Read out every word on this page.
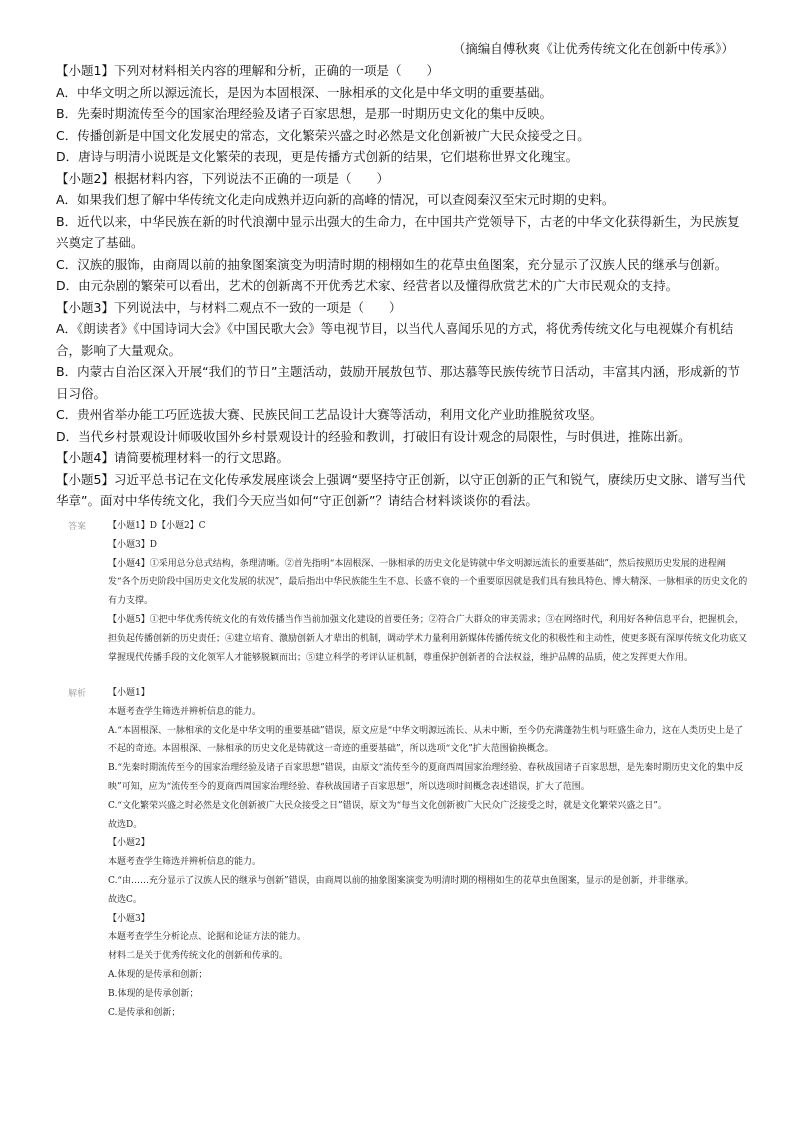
（摘编自傅秋爽《让优秀传统文化在创新中传承》）

【小题1】下列对材料相关内容的理解和分析，正确的一项是（　　）

A．中华文明之所以源远流长，是因为本固根深、一脉相承的文化是中华文明的重要基础。

B．先秦时期流传至今的国家治理经验及诸子百家思想，是那一时期历史文化的集中反映。

C．传播创新是中国文化发展史的常态，文化繁荣兴盛之时必然是文化创新被广大民众接受之日。

D．唐诗与明清小说既是文化繁荣的表现，更是传播方式创新的结果，它们堪称世界文化瑰宝。

【小题2】根据材料内容，下列说法不正确的一项是（　　）

A．如果我们想了解中华传统文化走向成熟并迈向新的高峰的情况，可以查阅秦汉至宋元时期的史料。

B．近代以来，中华民族在新的时代浪潮中显示出强大的生命力，在中国共产党领导下，古老的中华文化获得新生，为民族复兴奠定了基础。

C．汉族的服饰，由商周以前的抽象图案演变为明清时期的栩栩如生的花草虫鱼图案，充分显示了汉族人民的继承与创新。

D．由元杂剧的繁荣可以看出，艺术的创新离不开优秀艺术家、经营者以及懂得欣赏艺术的广大市民观众的支持。

【小题3】下列说法中，与材料二观点不一致的一项是（　　）

A．《朗读者》《中国诗词大会》《中国民歌大会》等电视节目，以当代人喜闻乐见的方式，将优秀传统文化与电视媒介有机结合，影响了大量观众。

B．内蒙古自治区深入开展“我们的节日”主题活动，鼓励开展敖包节、那达慕等民族传统节日活动，丰富其内涵，形成新的节日习俗。

C．贵州省举办能工巧匠选拔大赛、民族民间工艺品设计大赛等活动，利用文化产业助推脱贫攻坚。

D．当代乡村景观设计师吸收国外乡村景观设计的经验和教训，打破旧有设计观念的局限性，与时俱进，推陈出新。

【小题4】请简要梳理材料一的行文思路。

【小题5】习近平总书记在文化传承发展座谈会上强调“要坚持守正创新，以守正创新的正气和锐气，赓续历史文脉、谱写当代华章”。面对中华传统文化，我们今天应当如何“守正创新”？请结合材料谈谈你的看法。

答案 【小题1】D【小题2】C

【小题3】D

【小题4】①采用总分总式结构，条理清晰。②首先指明“本固根深、一脉相承的历史文化是铸就中华文明源远流长的重要基础”，然后按照历史发展的进程阐发“各个历史阶段中国历史文化发展的状况”，最后指出中华民族能生生不息、长盛不衰的一个重要原因就是我们具有独具特色、博大精深、一脉相承的历史文化的有力支撑。

【小题5】①把中华优秀传统文化的有效传播当作当前加强文化建设的首要任务；②符合广大群众的审美需求；③在网络时代，利用好各种信息平台，把握机会，担负起传播创新的历史责任；④建立培育、激励创新人才辈出的机制，调动学术力量利用新媒体传播传统文化的积极性和主动性，使更多既有深厚传统文化功底又掌握现代传播手段的文化领军人才能够脱颖而出；⑤建立科学的考评认证机制，尊重保护创新者的合法权益，维护品牌的品质，使之发挥更大作用。

解析 【小题1】

本题考查学生筛选并辨析信息的能力。

A.“本固根深、一脉相承的文化是中华文明的重要基础”错误，原文应是“中华文明源远流长、从未中断，至今仍充满蓬勃生机与旺盛生命力，这在人类历史上是了不起的奇迹。本固根深、一脉相承的历史文化是铸就这一奇迹的重要基础”，所以选项“文化”扩大范围偷换概念。

B.“先秦时期流传至今的国家治理经验及诸子百家思想”错误，由原文“流传至今的夏商西周国家治理经验、春秋战国诸子百家思想，是先秦时期历史文化的集中反映”可知，应为“流传至今的夏商西周国家治理经验、春秋战国诸子百家思想”，所以选项时间概念表述错误，扩大了范围。

C.“文化繁荣兴盛之时必然是文化创新被广大民众接受之日”错误，原文为“每当文化创新被广大民众广泛接受之时，就是文化繁荣兴盛之日”。

故选D。

【小题2】

本题考查学生筛选并辨析信息的能力。

C.“由……充分显示了汉族人民的继承与创新”错误，由商周以前的抽象图案演变为明清时期的栩栩如生的花草虫鱼图案，显示的是创新，并非继承。

故选C。

【小题3】

本题考查学生分析论点、论据和论证方法的能力。

材料二是关于优秀传统文化的创新和传承的。

A.体现的是传承和创新；

B.体现的是传承创新；

C.是传承和创新；
